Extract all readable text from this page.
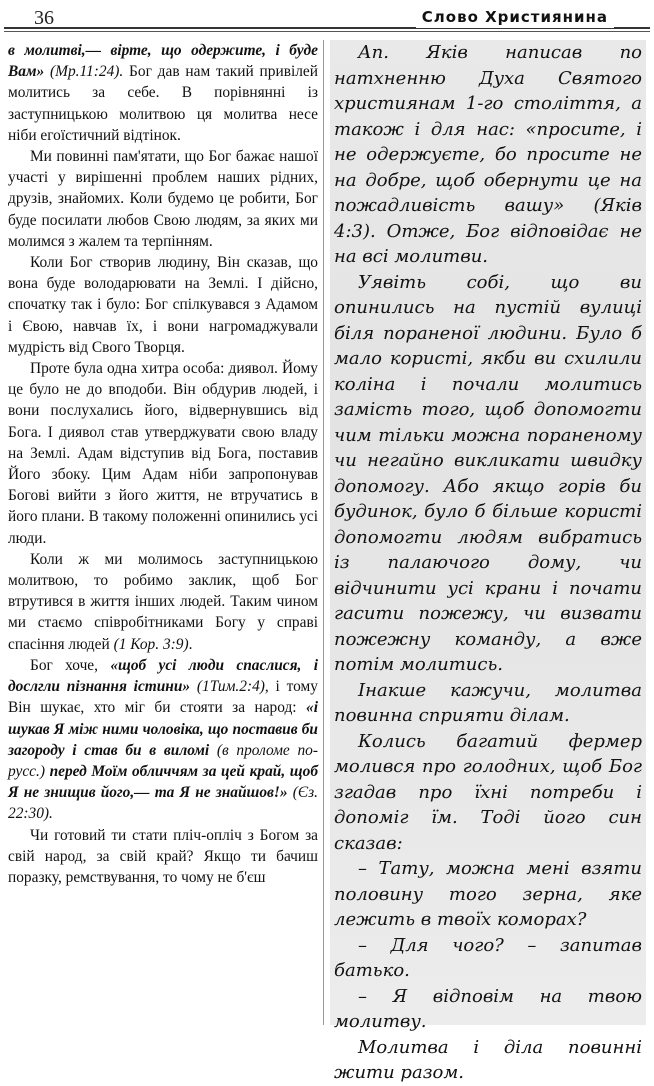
36	Слово Християнина

в молитві,— вірте, що одержите, і буде Вам» (Мр.11:24). Бог дав нам такий привілей молитись за себе. В порівнянні із заступницькою молитвою ця молитва несе ніби егоїстичний відтінок.

Ми повинні пам'ятати, що Бог бажає нашої участі у вирішенні проблем наших рідних, друзів, знайомих. Коли будемо це робити, Бог буде посилати любов Свою людям, за яких ми молимся з жалем та терпінням.

Коли Бог створив людину, Він сказав, що вона буде володарювати на Землі. І дійсно, спочатку так і було: Бог спілкувався з Адамом і Євою, навчав їх, і вони нагромаджували мудрість від Свого Творця.

Проте була одна хитра особа: диявол. Йому це було не до вподоби. Він обдурив людей, і вони послухались його, відвернувшись від Бога. І диявол став утверджувати свою владу на Землі. Адам відступив від Бога, поставив Його збоку. Цим Адам ніби запропонував Богові вийти з його життя, не втручатись в його плани. В такому положенні опинились усі люди.

Коли ж ми молимось заступницькою молитвою, то робимо заклик, щоб Бог втрутився в життя інших людей. Таким чином ми стаємо співробітниками Богу у справі спасіння людей (1 Кор. 3:9).

Бог хоче, «щоб усі люди спаслися, і дослгли пізнання істини» (1Тим.2:4), і тому Він шукає, хто міг би стояти за народ: «і шукав Я між ними чоловіка, що поставив би загороду і став би в виломі (в проломе по-русс.) перед Моїм обличчям за цей край, щоб Я не знищив його,— та Я не знайшов!» (Єз. 22:30).

Чи готовий ти стати пліч-опліч з Богом за свій народ, за свій край? Якщо ти бачиш поразку, ремствування, то чому не б'єш

Ап. Яків написав по натхненню Духа Святого християнам 1-го століття, а також і для нас: «просите, і не одержуєте, бо просите не на добре, щоб обернути це на пожадливість вашу» (Яків 4:3). Отже, Бог відповідає не на всі молитви.

Уявіть собі, що ви опинились на пустій вулиці біля пораненої людини. Було б мало користі, якби ви схилили коліна і почали молитись замість того, щоб допомогти чим тільки можна пораненому чи негайно викликати швидку допомогу. Або якщо горів би будинок, було б більше користі допомогти людям вибратись із палаючого дому, чи відчинити усі крани і почати гасити пожежу, чи визвати пожежну команду, а вже потім молитись.

Інакше кажучи, молитва повинна сприяти ділам.

Колись багатий фермер молився про голодних, щоб Бог згадав про їхні потреби і допоміг їм. Тоді його син сказав:

– Тату, можна мені взяти половину того зерна, яке лежить в твоїх коморах?

– Для чого? – запитав батько.

– Я відповім на твою молитву.

Молитва і діла повинні жити разом.
